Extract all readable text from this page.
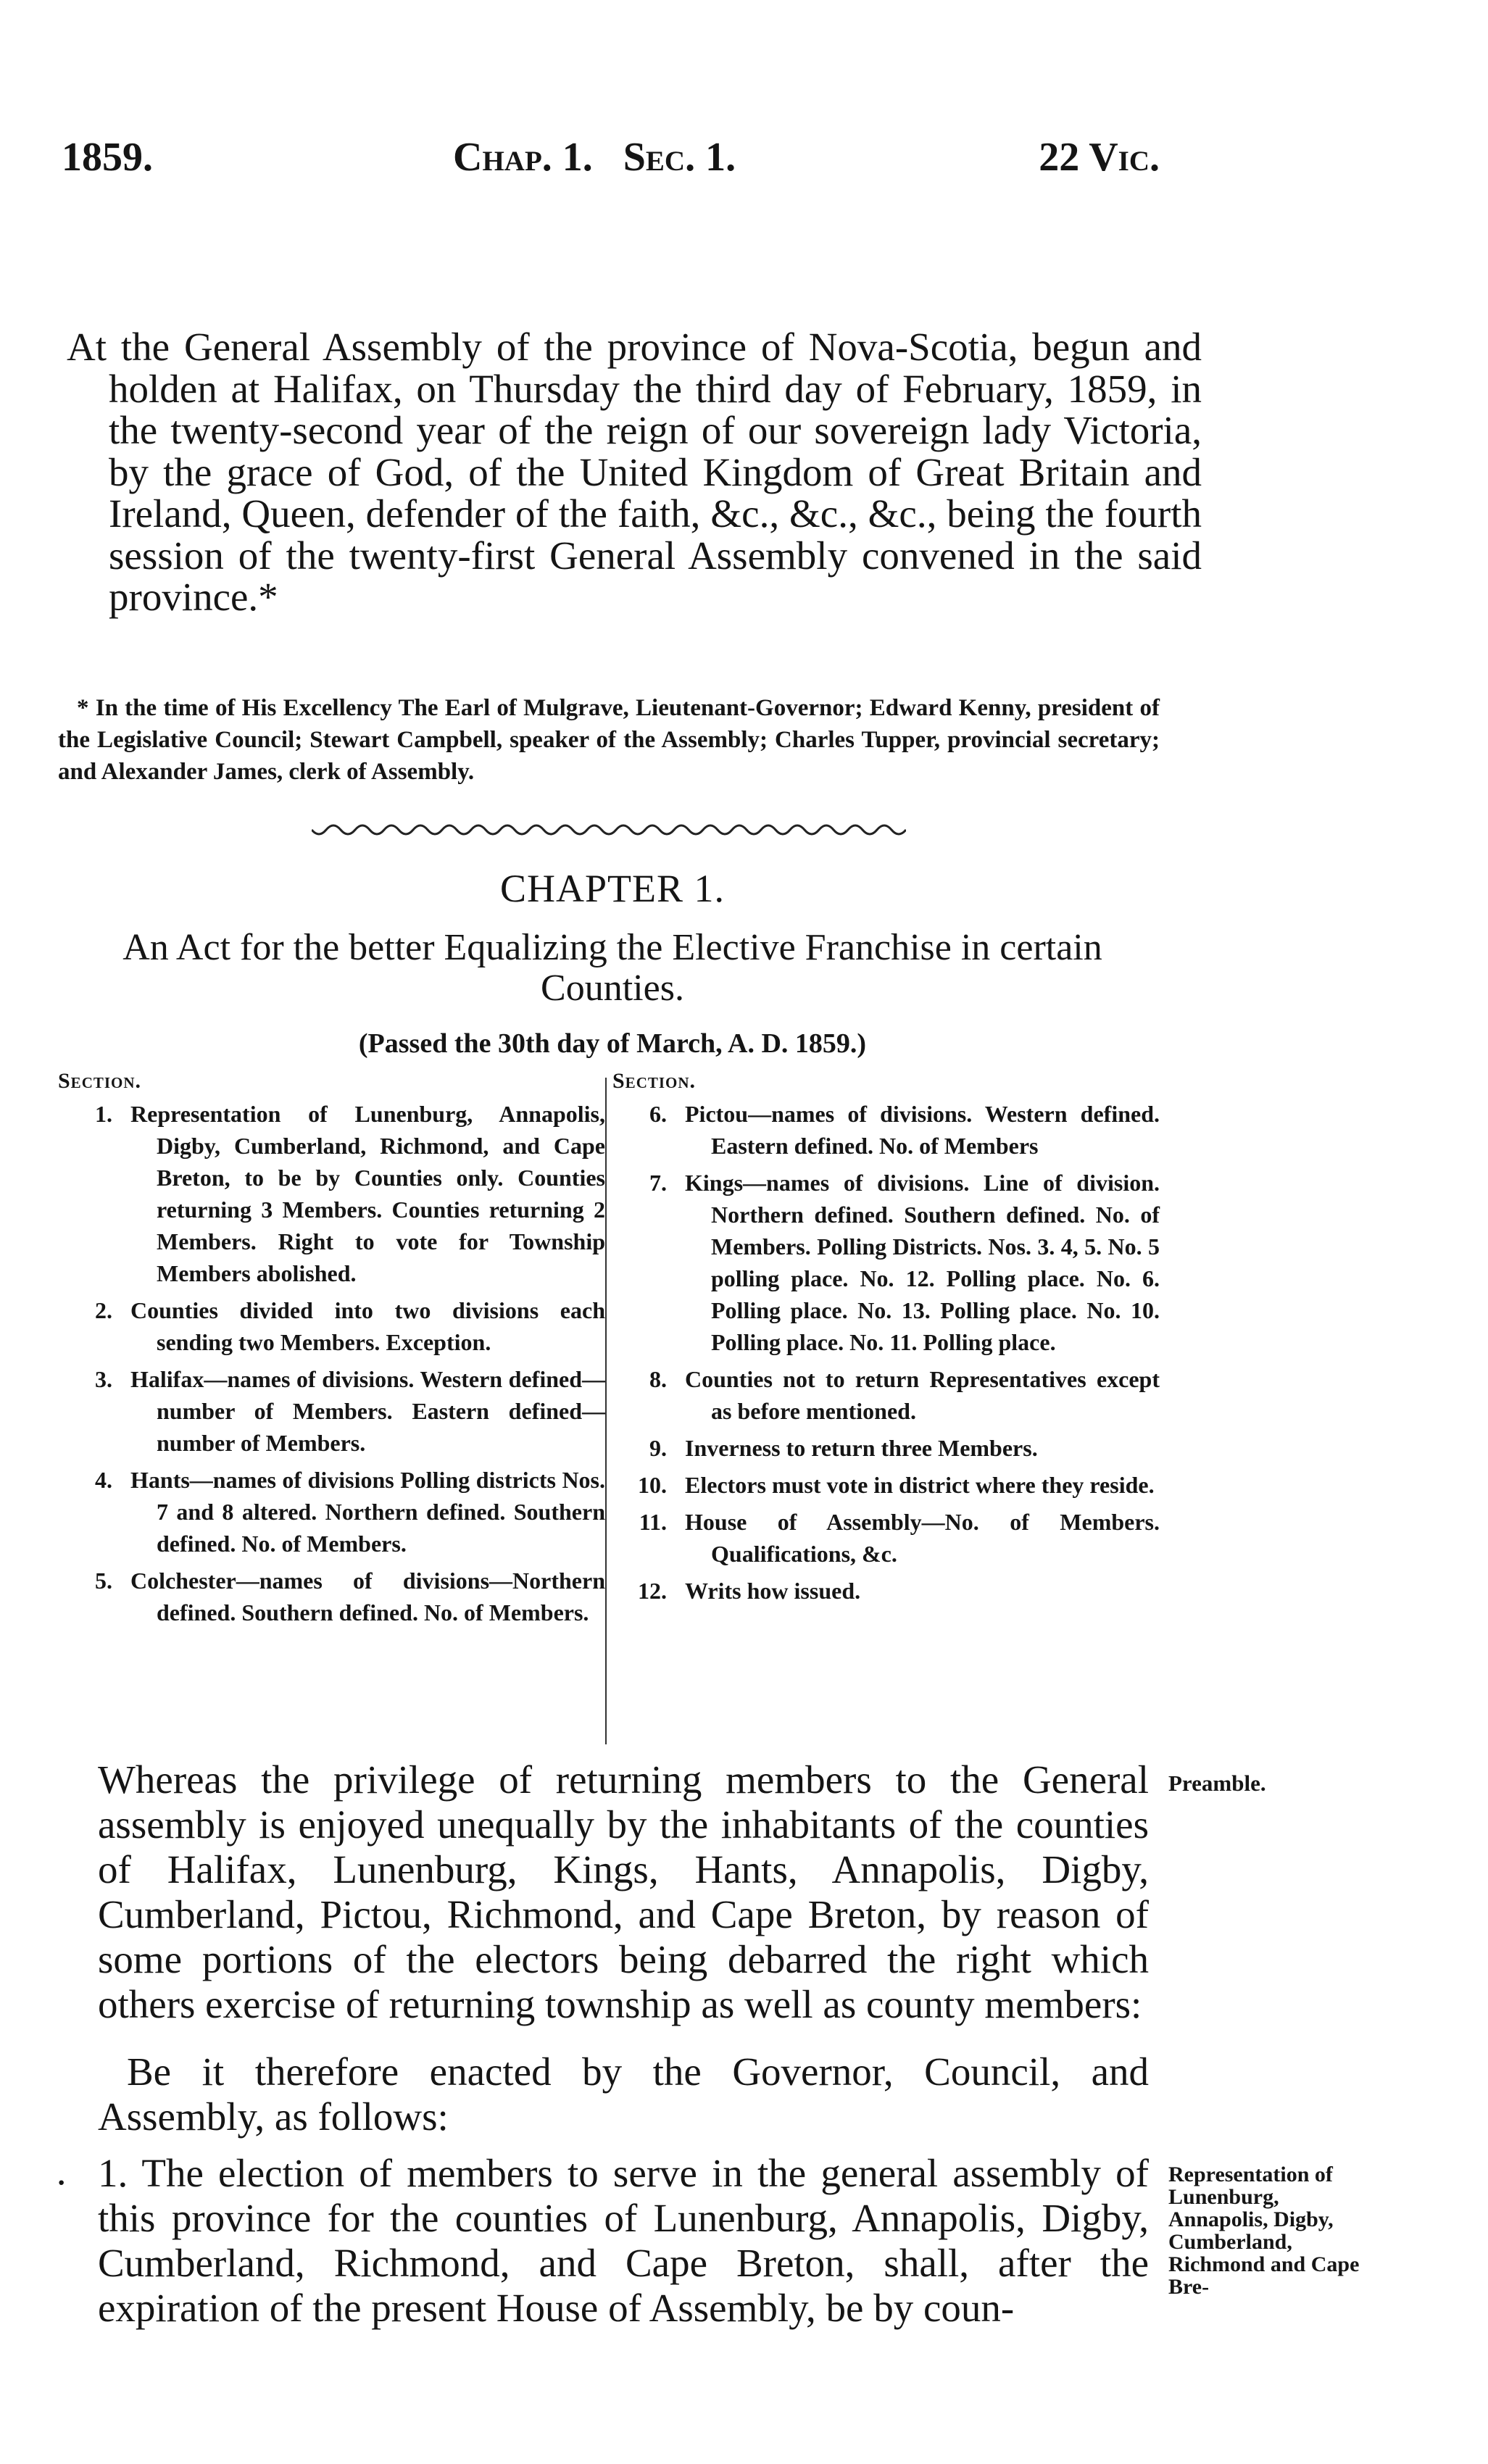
1859.	Chap. 1.   Sec. 1.	22 Vic.

At the General Assembly of the province of Nova-Scotia, begun and holden at Halifax, on Thursday the third day of February, 1859, in the twenty-second year of the reign of our sovereign lady Victoria, by the grace of God, of the United Kingdom of Great Britain and Ireland, Queen, defender of the faith, &c., &c., &c., being the fourth session of the twenty-first General Assembly convened in the said province.*

* In the time of His Excellency The Earl of Mulgrave, Lieutenant-Governor; Edward Kenny, president of the Legislative Council; Stewart Campbell, speaker of the Assembly; Charles Tupper, provincial secretary; and Alexander James, clerk of Assembly.

CHAPTER 1.
An Act for the better Equalizing the Elective Franchise in certain Counties.

(Passed the 30th day of March, A. D. 1859.)

Section.

1. Representation of Lunenburg, Annapolis, Digby, Cumberland, Richmond, and Cape Breton, to be by Counties only. Counties returning 3 Members. Counties returning 2 Members. Right to vote for Township Members abolished.
2. Counties divided into two divisions each sending two Members. Exception.
3. Halifax—names of divisions. Western defined—number of Members. Eastern defined—number of Members.
4. Hants—names of divisions Polling districts Nos. 7 and 8 altered. Northern defined. Southern defined. No. of Members.
5. Colchester—names of divisions—Northern defined. Southern defined. No. of Members.

Section.

6. Pictou—names of divisions. Western defined. Eastern defined. No. of Members
7. Kings—names of divisions. Line of division. Northern defined. Southern defined. No. of Members. Polling Districts. Nos. 3. 4, 5. No. 5 polling place. No. 12. Polling place. No. 6. Polling place. No. 13. Polling place. No. 10. Polling place. No. 11. Polling place.
8. Counties not to return Representatives except as before mentioned.
9. Inverness to return three Members.
10. Electors must vote in district where they reside.
11. House of Assembly—No. of Members. Qualifications, &c.
12. Writs how issued.

Whereas the privilege of returning members to the General assembly is enjoyed unequally by the inhabitants of the counties of Halifax, Lunenburg, Kings, Hants, Annapolis, Digby, Cumberland, Pictou, Richmond, and Cape Breton, by reason of some portions of the electors being debarred the right which others exercise of returning township as well as county members:

Preamble.

Be it therefore enacted by the Governor, Council, and Assembly, as follows:

· 1. The election of members to serve in the general assembly of this province for the counties of Lunenburg, Annapolis, Digby, Cumberland, Richmond, and Cape Breton, shall, after the expiration of the present House of Assembly, be by coun-

Representation of Lunenburg, Annapolis, Digby, Cumberland, Richmond and Cape Bre-
